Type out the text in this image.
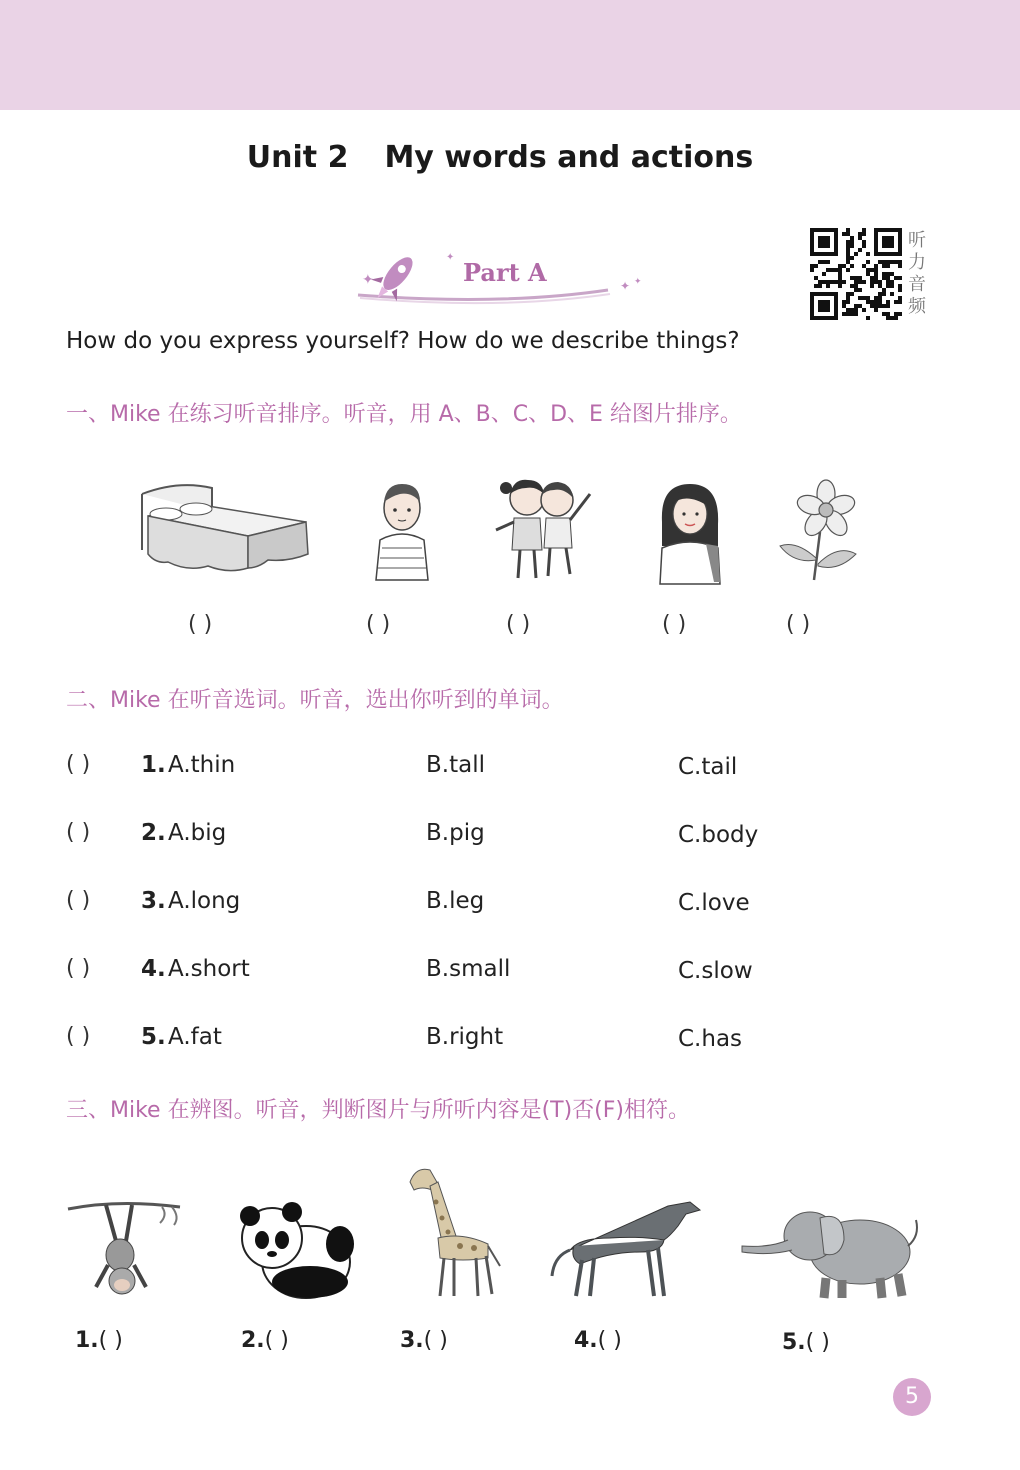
Unit 2 My words and actions
✦
✦
✦ ✦
Part A
听
力
音
频
How do you express yourself? How do we describe things?
一、Mike 在练习听音排序。听音，用 A、B、C、D、E 给图片排序。
( )	( )	( )	( )	( )
二、Mike 在听音选词。听音，选出你听到的单词。
( ) 1. A.thin	B.tall	C.tail
( ) 2. A.big	B.pig	C.body
( ) 3. A.long	B.leg	C.love
( ) 4. A.short	B.small	C.slow
( ) 5. A.fat	B.right	C.has
三、Mike 在辨图。听音，判断图片与所听内容是(T)否(F)相符。
1.( )	2.( )	3.( )	4.( )	5.( )
5
